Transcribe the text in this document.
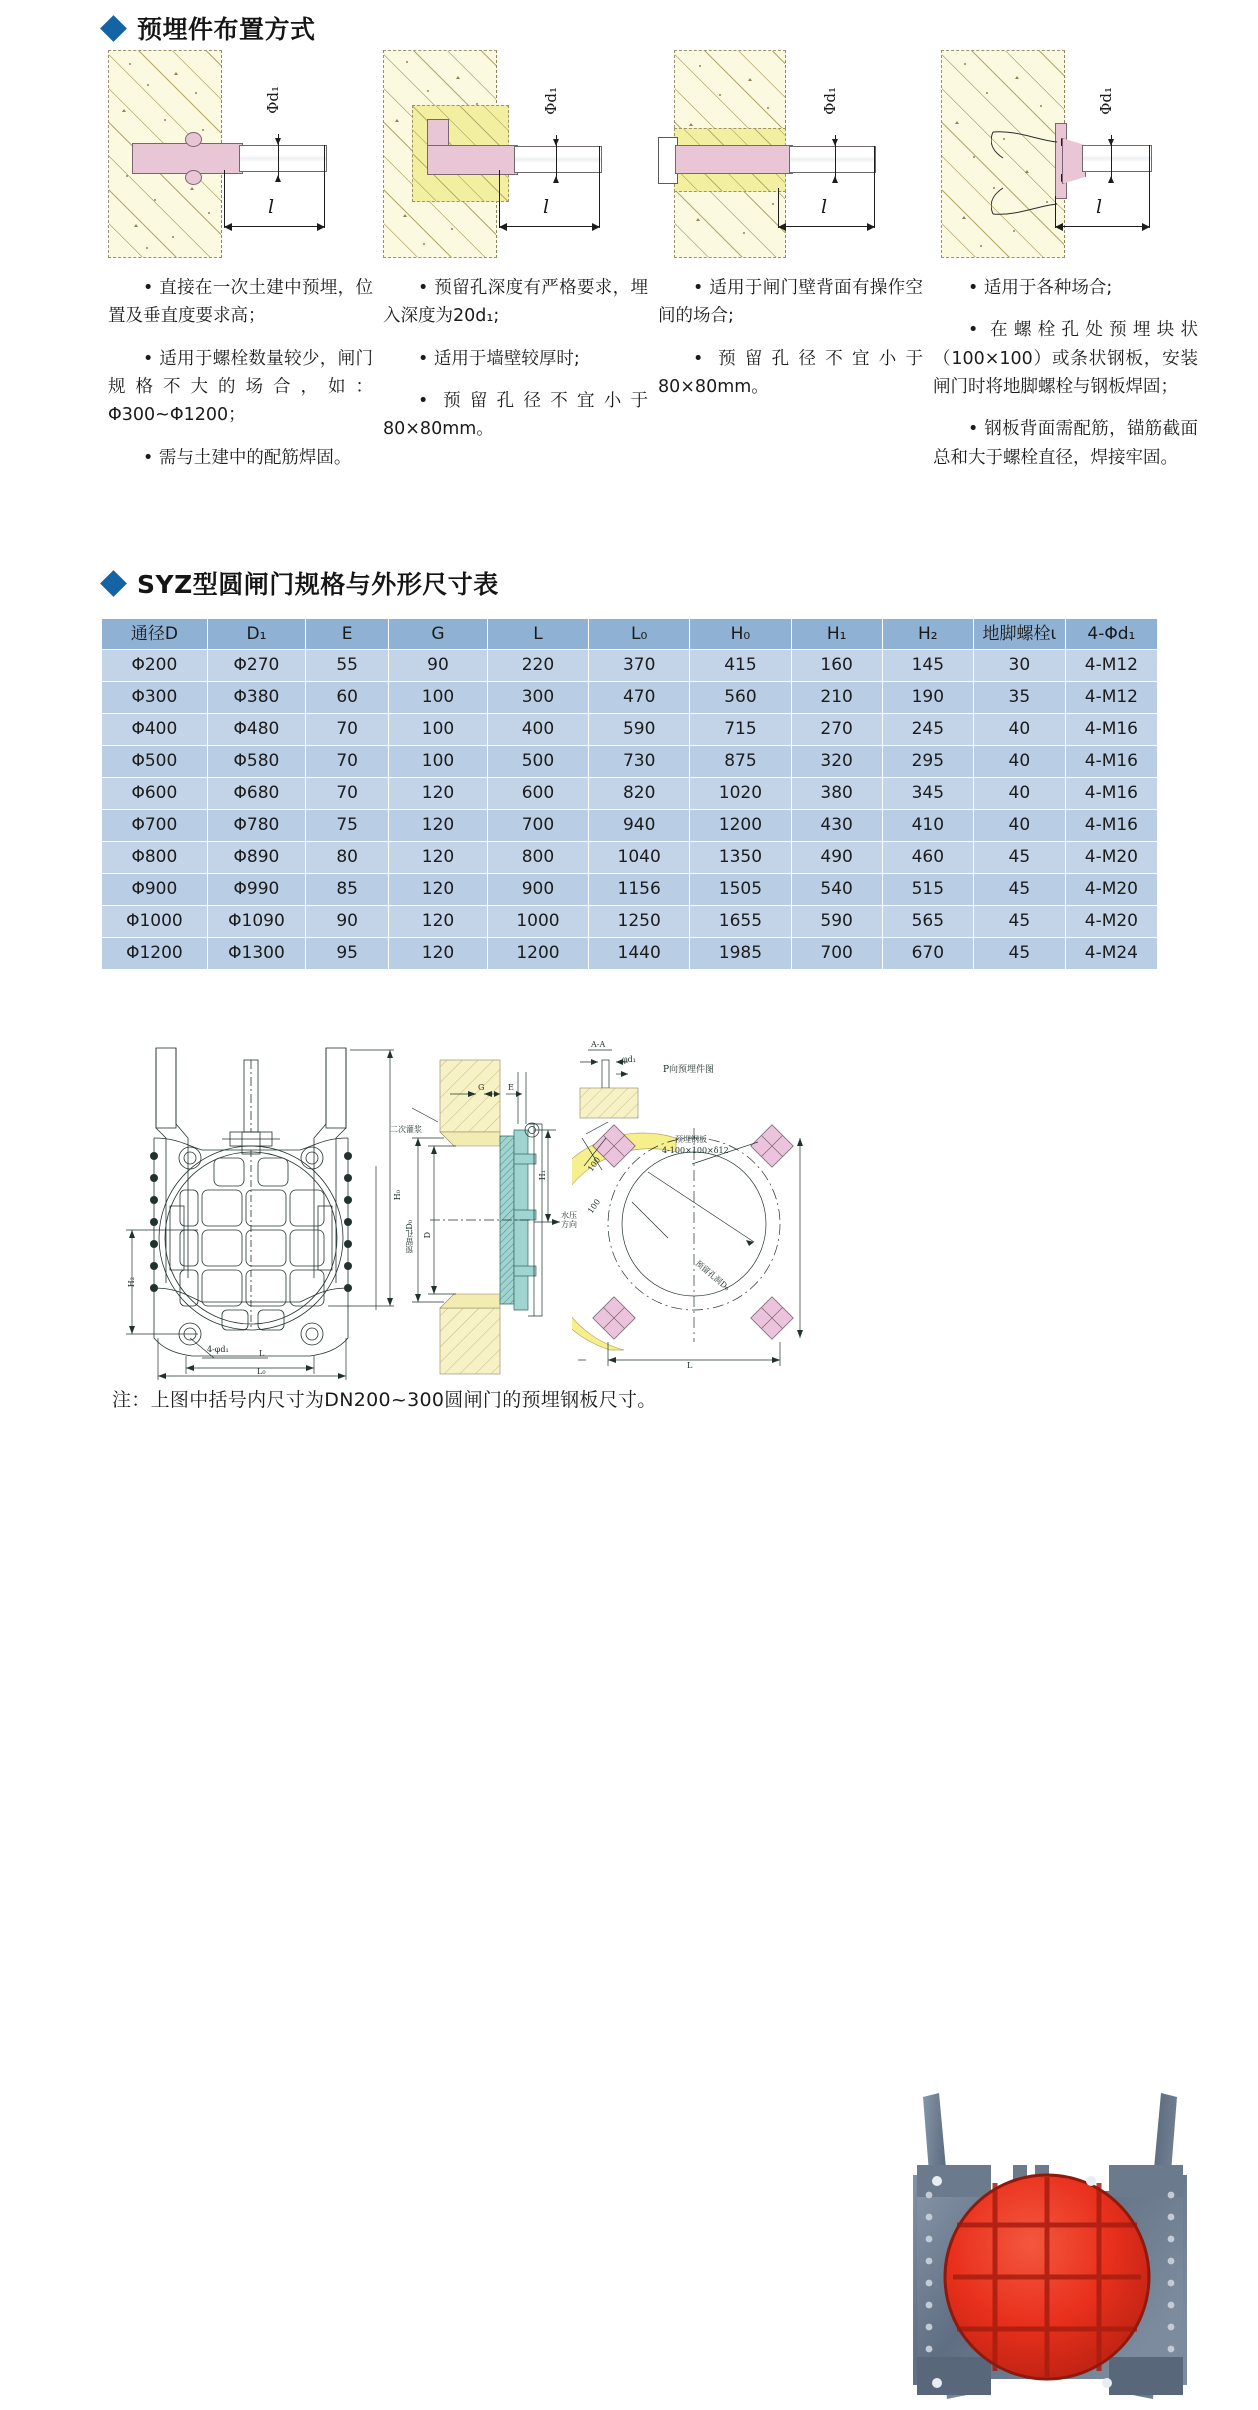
预埋件布置方式
Φd₁
l

• 直接在一次土建中预埋，位置及垂直度要求高；

• 适用于螺栓数量较少，闸门规格不大的场合，如：Φ300~Φ1200；

• 需与土建中的配筋焊固。

Φd₁
l

• 预留孔深度有严格要求，埋入深度为20d₁;

• 适用于墙壁较厚时;

• 预留孔径不宜小于80×80mm。

Φd₁
l

• 适用于闸门壁背面有操作空间的场合;

• 预留孔径不宜小于80×80mm。

Φd₁
l

• 适用于各种场合;

• 在螺栓孔处预埋块状（100×100）或条状钢板，安装闸门时将地脚螺栓与钢板焊固；

• 钢板背面需配筋，锚筋截面总和大于螺栓直径，焊接牢固。

SYZ型圆闸门规格与外形尺寸表
通径D	D₁	E	G	L	L₀	H₀	H₁	H₂	地脚螺栓ι	4-Φd₁
Φ200	Φ270	55	90	220	370	415	160	145	30	4-M12
Φ300	Φ380	60	100	300	470	560	210	190	35	4-M12
Φ400	Φ480	70	100	400	590	715	270	245	40	4-M16
Φ500	Φ580	70	100	500	730	875	320	295	40	4-M16
Φ600	Φ680	70	120	600	820	1020	380	345	40	4-M16
Φ700	Φ780	75	120	700	940	1200	430	410	40	4-M16
Φ800	Φ890	80	120	800	1040	1350	490	460	45	4-M20
Φ900	Φ990	85	120	900	1156	1505	540	515	45	4-M20
Φ1000	Φ1090	90	120	1000	1250	1655	590	565	45	4-M20
Φ1200	Φ1300	95	120	1200	1440	1985	700	670	45	4-M24
H₀
H₂
L
L₀
4-φd₁
二次灌浆
预留孔D₀ D
G	E
H₁
水压方向
A-A
φd₁
P向预埋件图
预埋钢板
4-100×100×δ12
预留孔洞D₀
100
100
L
注：上图中括号内尺寸为DN200~300圆闸门的预埋钢板尺寸。
